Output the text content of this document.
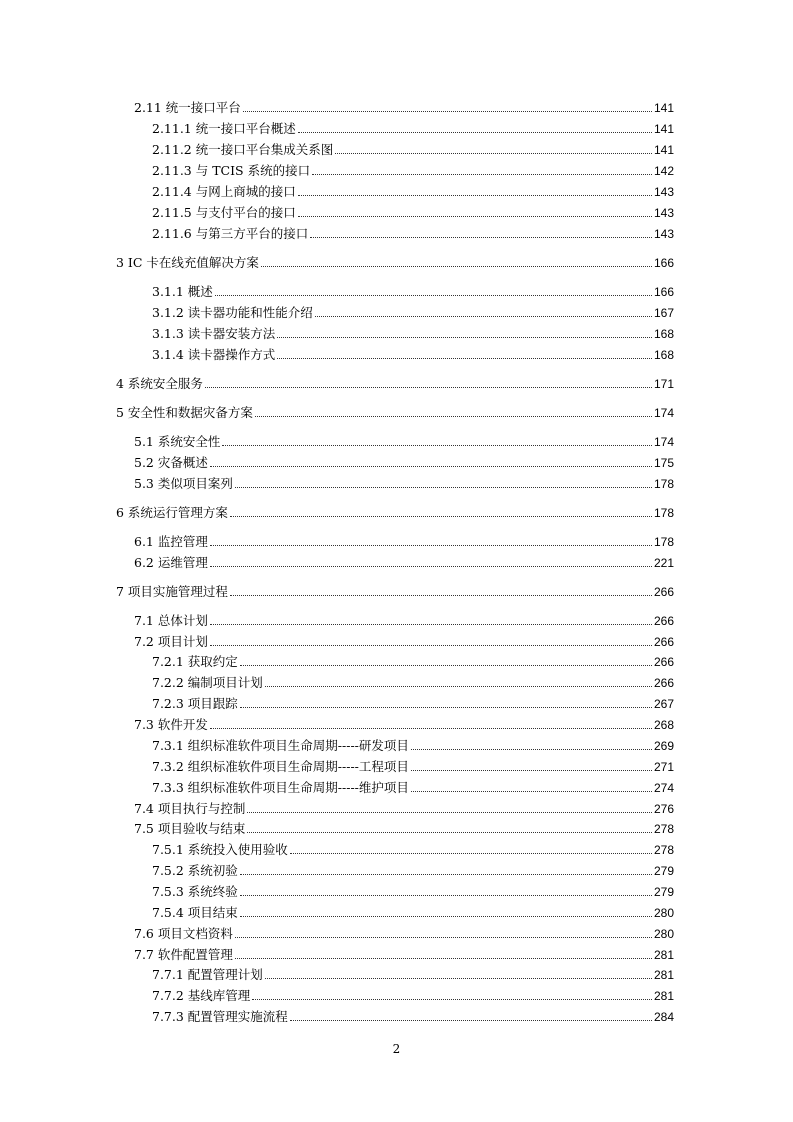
2.11 统一接口平台	141
2.11.1 统一接口平台概述	141
2.11.2 统一接口平台集成关系图	141
2.11.3 与 TCIS 系统的接口	142
2.11.4 与网上商城的接口	143
2.11.5 与支付平台的接口	143
2.11.6 与第三方平台的接口	143
3 IC 卡在线充值解决方案	166
3.1.1 概述	166
3.1.2 读卡器功能和性能介绍	167
3.1.3 读卡器安装方法	168
3.1.4 读卡器操作方式	168
4 系统安全服务	171
5 安全性和数据灾备方案	174
5.1 系统安全性	174
5.2 灾备概述	175
5.3 类似项目案列	178
6 系统运行管理方案	178
6.1 监控管理	178
6.2 运维管理	221
7 项目实施管理过程	266
7.1 总体计划	266
7.2 项目计划	266
7.2.1 获取约定	266
7.2.2 编制项目计划	266
7.2.3 项目跟踪	267
7.3 软件开发	268
7.3.1 组织标准软件项目生命周期-----研发项目	269
7.3.2 组织标准软件项目生命周期-----工程项目	271
7.3.3 组织标准软件项目生命周期-----维护项目	274
7.4 项目执行与控制	276
7.5 项目验收与结束	278
7.5.1 系统投入使用验收	278
7.5.2 系统初验	279
7.5.3 系统终验	279
7.5.4 项目结束	280
7.6 项目文档资料	280
7.7 软件配置管理	281
7.7.1 配置管理计划	281
7.7.2 基线库管理	281
7.7.3 配置管理实施流程	284
2
